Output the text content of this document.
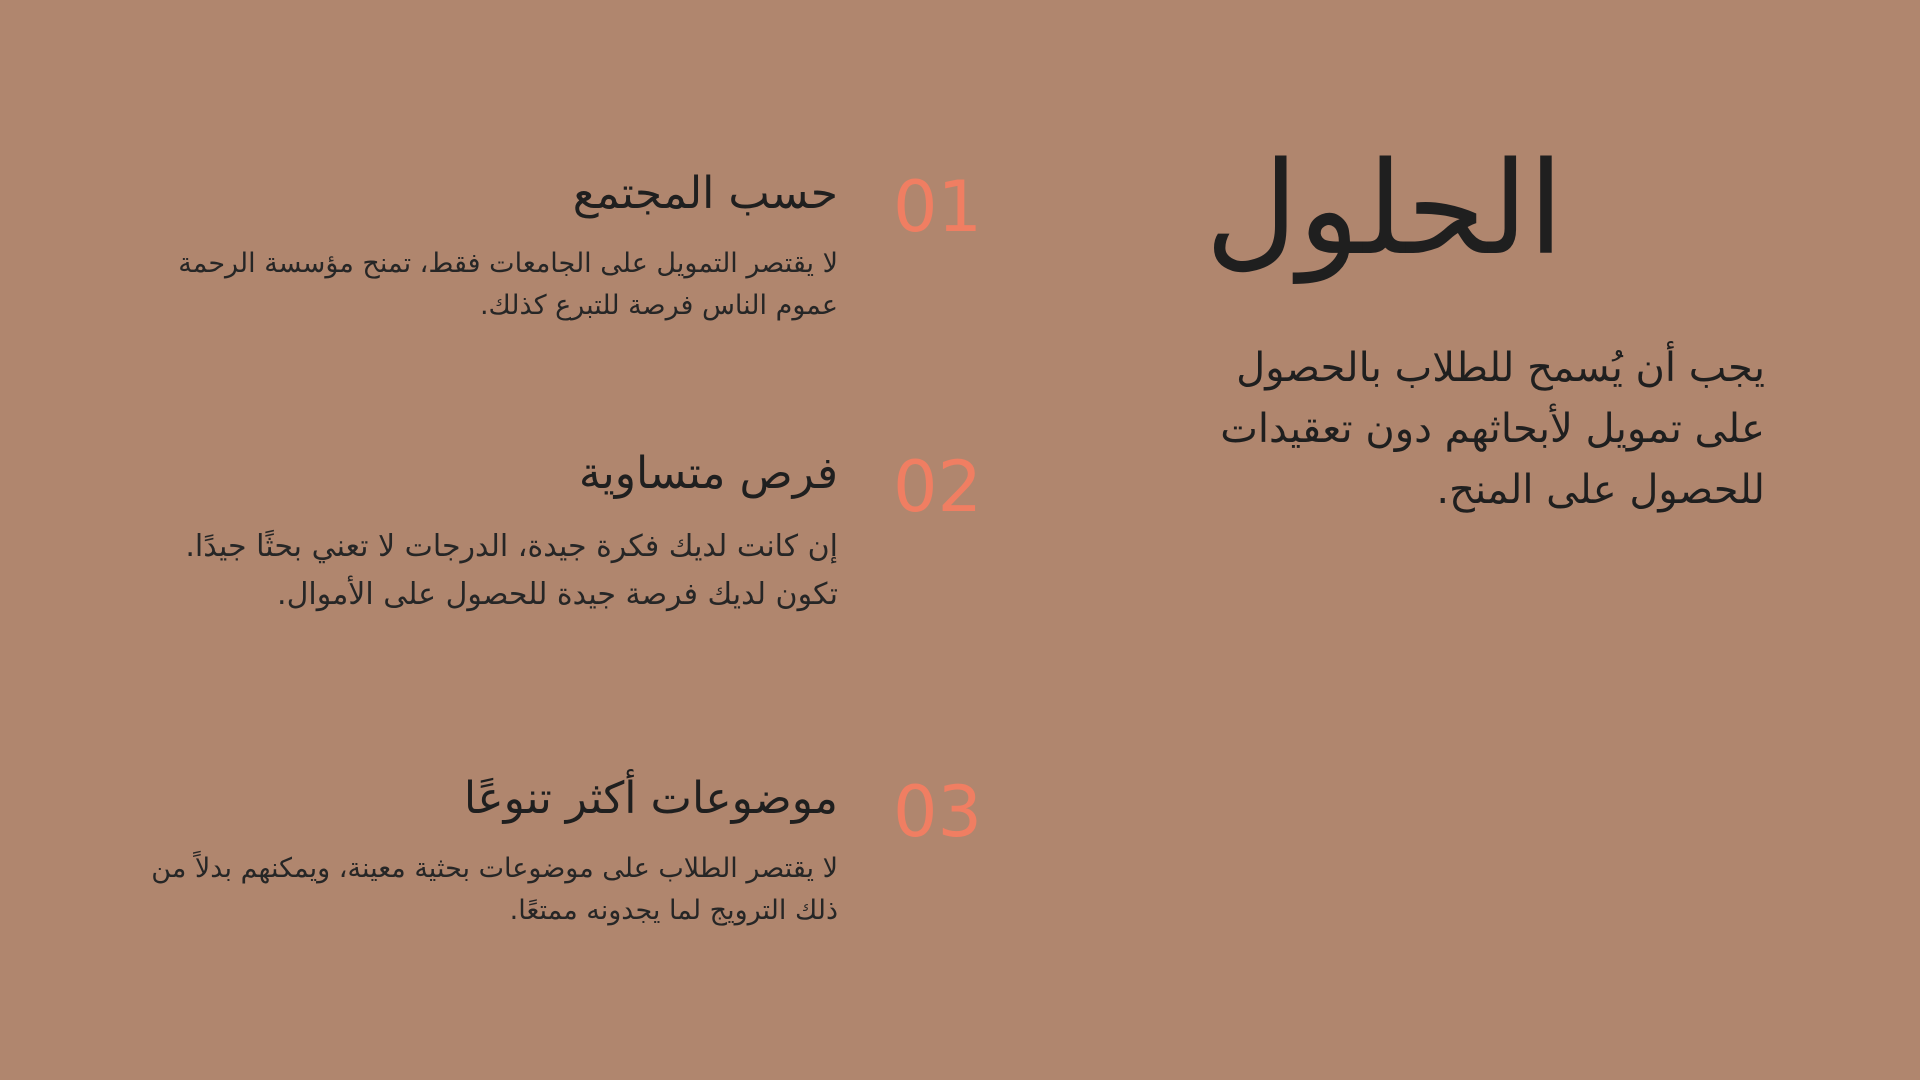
الحلول

يجب أن يُسمح للطلاب بالحصول على تمويل لأبحاثهم دون تعقيدات للحصول على المنح.

01
حسب المجتمع

لا يقتصر التمويل على الجامعات فقط، تمنح مؤسسة الرحمة عموم الناس فرصة للتبرع كذلك.

02
فرص متساوية

إن كانت لديك فكرة جيدة، الدرجات لا تعني بحثًا جيدًا. تكون لديك فرصة جيدة للحصول على الأموال.

03
موضوعات أكثر تنوعًا

لا يقتصر الطلاب على موضوعات بحثية معينة، ويمكنهم بدلاً من ذلك الترويج لما يجدونه ممتعًا.
